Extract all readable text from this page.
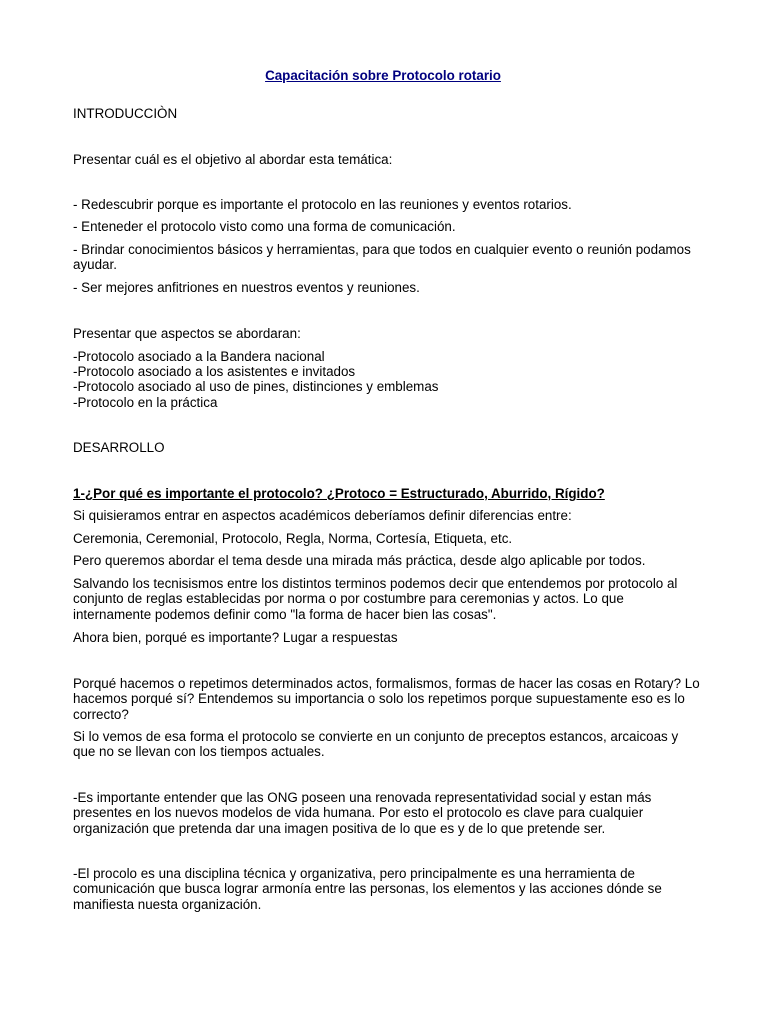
Capacitación sobre Protocolo rotario

INTRODUCCIÒN

Presentar cuál es el objetivo al abordar esta temática:

- Redescubrir porque es importante el protocolo en las reuniones y eventos rotarios.

- Enteneder el protocolo visto como una forma de comunicación.

- Brindar conocimientos básicos y herramientas, para que todos en cualquier evento o reunión podamos ayudar.

- Ser mejores anfitriones en nuestros eventos y reuniones.

Presentar que aspectos se abordaran:

-Protocolo asociado a la Bandera nacional

-Protocolo asociado a los asistentes e invitados

-Protocolo asociado al uso de pines, distinciones y emblemas

-Protocolo en la práctica

DESARROLLO

1-¿Por qué es importante el protocolo? ¿Protoco = Estructurado, Aburrido, Rígido?

Si quisieramos entrar en aspectos académicos deberíamos definir diferencias entre:

Ceremonia, Ceremonial, Protocolo, Regla, Norma, Cortesía, Etiqueta, etc.

Pero queremos abordar el tema desde una mirada más práctica, desde algo aplicable por todos.

Salvando los tecnisismos entre los distintos terminos podemos decir que entendemos por protocolo al conjunto de reglas establecidas por norma o por costumbre para ceremonias y actos. Lo que internamente podemos definir como "la forma de hacer bien las cosas".

Ahora bien, porqué es importante? Lugar a respuestas

Porqué hacemos o repetimos determinados actos, formalismos, formas de hacer las cosas en Rotary? Lo hacemos porqué sí? Entendemos su importancia o solo los repetimos porque supuestamente eso es lo correcto?

Si lo vemos de esa forma el protocolo se convierte en un conjunto de preceptos estancos, arcaicoas y que no se llevan con los tiempos actuales.

-Es importante entender que las ONG poseen una renovada representatividad social y estan más presentes en los nuevos modelos de vida humana. Por esto el protocolo es clave para cualquier organización que pretenda dar una imagen positiva de lo que es y de lo que pretende ser.

-El procolo es una disciplina técnica y organizativa, pero principalmente es una herramienta de comunicación que busca lograr armonía entre las personas, los elementos y las acciones dónde se manifiesta nuesta organización.
